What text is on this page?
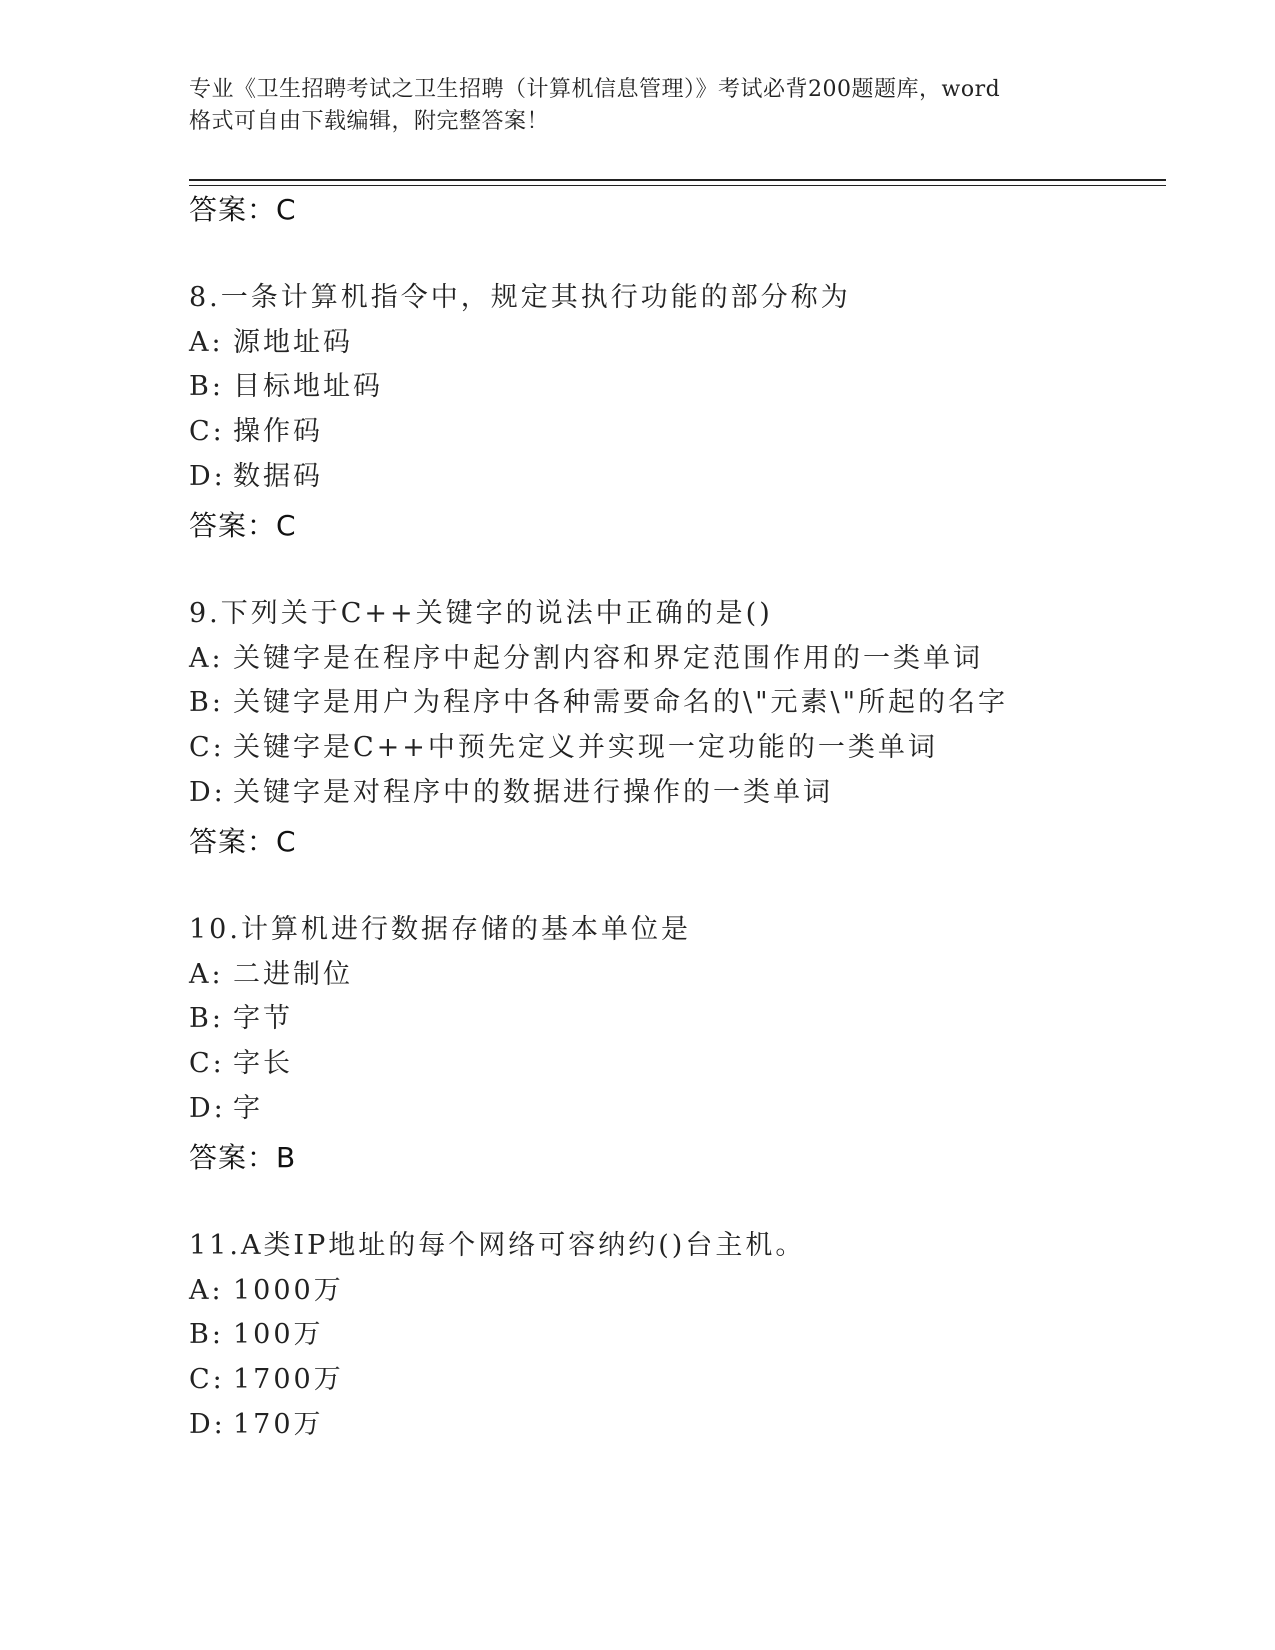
专业《卫生招聘考试之卫生招聘（计算机信息管理）》考试必背200题题库，word
格式可自由下载编辑，附完整答案！
答案：C
8.一条计算机指令中，规定其执行功能的部分称为
A: 源地址码
B: 目标地址码
C: 操作码
D: 数据码
答案：C
9.下列关于C++关键字的说法中正确的是()
A: 关键字是在程序中起分割内容和界定范围作用的一类单词
B: 关键字是用户为程序中各种需要命名的\"元素\"所起的名字
C: 关键字是C++中预先定义并实现一定功能的一类单词
D: 关键字是对程序中的数据进行操作的一类单词
答案：C
10.计算机进行数据存储的基本单位是
A: 二进制位
B: 字节
C: 字长
D: 字
答案：B
11.A类IP地址的每个网络可容纳约()台主机。
A: 1000万
B: 100万
C: 1700万
D: 170万
